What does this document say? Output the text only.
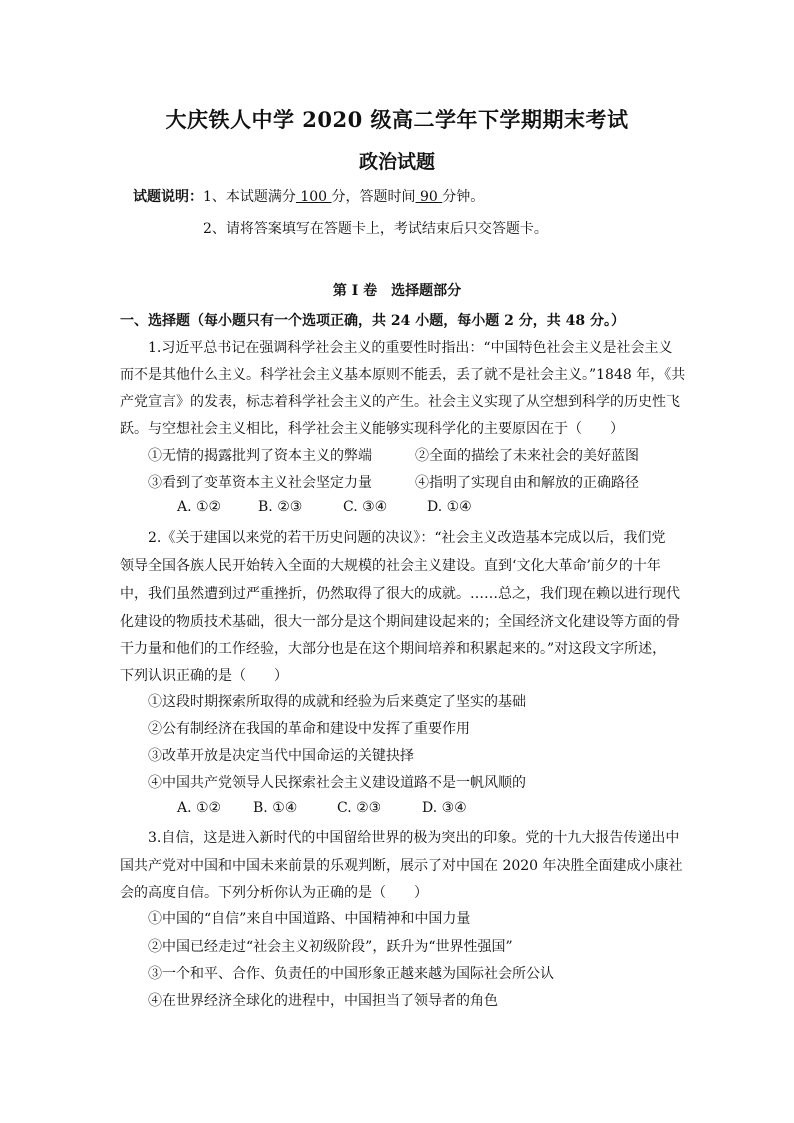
大庆铁人中学 2020 级高二学年下学期期末考试
政治试题
试题说明：1、本试题满分 100 分，答题时间 90 分钟。
2、请将答案填写在答题卡上，考试结束后只交答题卡。
第 I 卷　选择题部分
一、选择题（每小题只有一个选项正确，共 24 小题，每小题 2 分，共 48 分。）
1.习近平总书记在强调科学社会主义的重要性时指出：“中国特色社会主义是社会主义
而不是其他什么主义。科学社会主义基本原则不能丢，丢了就不是社会主义。”1848 年，《共
产党宣言》的发表，标志着科学社会主义的产生。社会主义实现了从空想到科学的历史性飞
跃。与空想社会主义相比，科学社会主义能够实现科学化的主要原因在于（　　）
①无情的揭露批判了资本主义的弊端	②全面的描绘了未来社会的美好蓝图
③看到了变革资本主义社会坚定力量	④指明了实现自由和解放的正确路径
A. ①②	B. ②③	C. ③④	D. ①④
2.《关于建国以来党的若干历史问题的决议》：“社会主义改造基本完成以后，我们党
领导全国各族人民开始转入全面的大规模的社会主义建设。直到‘文化大革命’前夕的十年
中，我们虽然遭到过严重挫折，仍然取得了很大的成就。……总之，我们现在赖以进行现代
化建设的物质技术基础，很大一部分是这个期间建设起来的；全国经济文化建设等方面的骨
干力量和他们的工作经验，大部分也是在这个期间培养和积累起来的。”对这段文字所述，
下列认识正确的是（　　）
①这段时期探索所取得的成就和经验为后来奠定了坚实的基础
②公有制经济在我国的革命和建设中发挥了重要作用
③改革开放是决定当代中国命运的关键抉择
④中国共产党领导人民探索社会主义建设道路不是一帆风顺的
A. ①② B. ①④	C. ②③	D. ③④
3.自信，这是进入新时代的中国留给世界的极为突出的印象。党的十九大报告传递出中
国共产党对中国和中国未来前景的乐观判断，展示了对中国在 2020 年决胜全面建成小康社
会的高度自信。下列分析你认为正确的是（　　）
①中国的“自信”来自中国道路、中国精神和中国力量
②中国已经走过“社会主义初级阶段”，跃升为“世界性强国”
③一个和平、合作、负责任的中国形象正越来越为国际社会所公认
④在世界经济全球化的进程中，中国担当了领导者的角色
